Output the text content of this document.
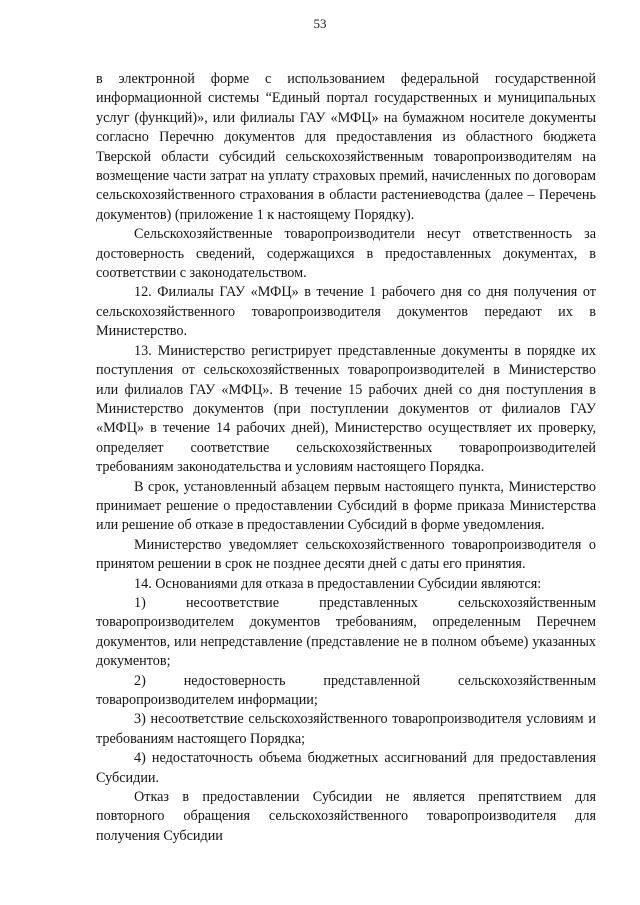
53

в электронной форме с использованием федеральной государственной информационной системы “Единый портал государственных и муниципальных услуг (функций)», или филиалы ГАУ «МФЦ» на бумажном носителе документы согласно Перечню документов для предоставления из областного бюджета Тверской области субсидий сельскохозяйственным товаропроизводителям на возмещение части затрат на уплату страховых премий, начисленных по договорам сельскохозяйственного страхования в области растениеводства (далее – Перечень документов) (приложение 1 к настоящему Порядку).

Сельскохозяйственные товаропроизводители несут ответственность за достоверность сведений, содержащихся в предоставленных документах, в соответствии с законодательством.

12. Филиалы ГАУ «МФЦ» в течение 1 рабочего дня со дня получения от сельскохозяйственного товаропроизводителя документов передают их в Министерство.

13. Министерство регистрирует представленные документы в порядке их поступления от сельскохозяйственных товаропроизводителей в Министерство или филиалов ГАУ «МФЦ». В течение 15 рабочих дней со дня поступления в Министерство документов (при поступлении документов от филиалов ГАУ «МФЦ» в течение 14 рабочих дней), Министерство осуществляет их проверку, определяет соответствие сельскохозяйственных товаропроизводителей требованиям законодательства и условиям настоящего Порядка.

В срок, установленный абзацем первым настоящего пункта, Министерство принимает решение о предоставлении Субсидий в форме приказа Министерства или решение об отказе в предоставлении Субсидий в форме уведомления.

Министерство уведомляет сельскохозяйственного товаропроизводителя о принятом решении в срок не позднее десяти дней с даты его принятия.

14. Основаниями для отказа в предоставлении Субсидии являются:

1) несоответствие представленных сельскохозяйственным товаропроизводителем документов требованиям, определенным Перечнем документов, или непредставление (представление не в полном объеме) указанных документов;

2) недостоверность представленной сельскохозяйственным товаропроизводителем информации;

3) несоответствие сельскохозяйственного товаропроизводителя условиям и требованиям настоящего Порядка;

4) недостаточность объема бюджетных ассигнований для предоставления Субсидии.

Отказ в предоставлении Субсидии не является препятствием для повторного обращения сельскохозяйственного товаропроизводителя для получения Субсидии
